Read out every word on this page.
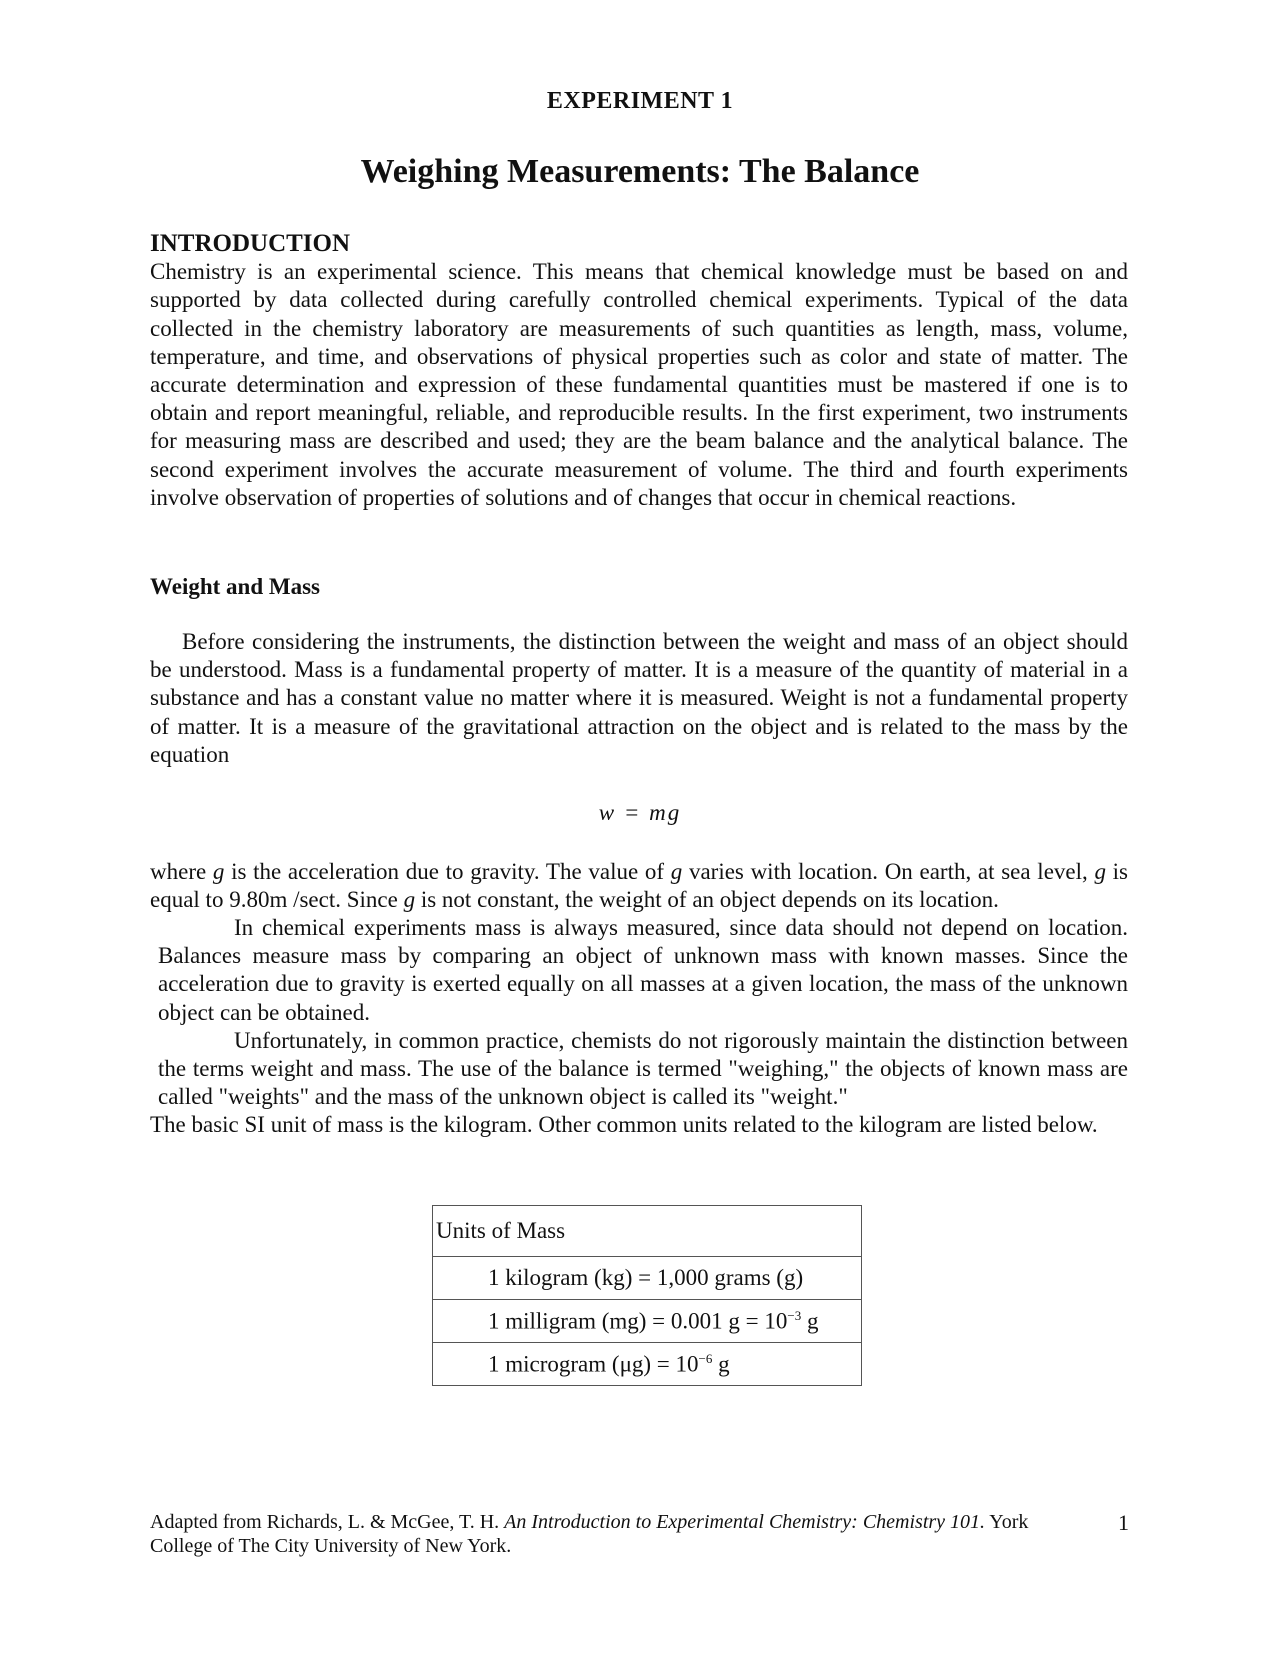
EXPERIMENT 1
Weighing Measurements: The Balance
INTRODUCTION
Chemistry is an experimental science. This means that chemical knowledge must be based on and supported by data collected during carefully controlled chemical experiments. Typical of the data collected in the chemistry laboratory are measurements of such quantities as length, mass, volume, temperature, and time, and observations of physical properties such as color and state of matter. The accurate determination and expression of these fundamental quantities must be mastered if one is to obtain and report meaningful, reliable, and reproducible results. In the first experiment, two instruments for measuring mass are described and used; they are the beam balance and the analytical balance. The second experiment involves the accurate measurement of volume. The third and fourth experiments involve observation of properties of solutions and of changes that occur in chemical reactions.
Weight and Mass
Before considering the instruments, the distinction between the weight and mass of an object should be understood. Mass is a fundamental property of matter. It is a measure of the quantity of material in a substance and has a constant value no matter where it is measured. Weight is not a fundamental property of matter. It is a measure of the gravitational attraction on the object and is related to the mass by the equation
w = mg
where g is the acceleration due to gravity. The value of g varies with location. On earth, at sea level, g is equal to 9.80m /sect. Since g is not constant, the weight of an object depends on its location.
In chemical experiments mass is always measured, since data should not depend on location. Balances measure mass by comparing an object of unknown mass with known masses. Since the acceleration due to gravity is exerted equally on all masses at a given location, the mass of the unknown object can be obtained.
Unfortunately, in common practice, chemists do not rigorously maintain the distinction between the terms weight and mass. The use of the balance is termed "weighing," the objects of known mass are called "weights" and the mass of the unknown object is called its "weight."
The basic SI unit of mass is the kilogram. Other common units related to the kilogram are listed below.
Units of Mass
1 kilogram (kg) = 1,000 grams (g)
1 milligram (mg) = 0.001 $g = 10^{-3}$ g
1 microgram $(\mu g) = 10^{-6}$ g
Adapted from Richards, L. & McGee, T. H. An Introduction to Experimental Chemistry: Chemistry 101. York College of The City University of New York.
1
